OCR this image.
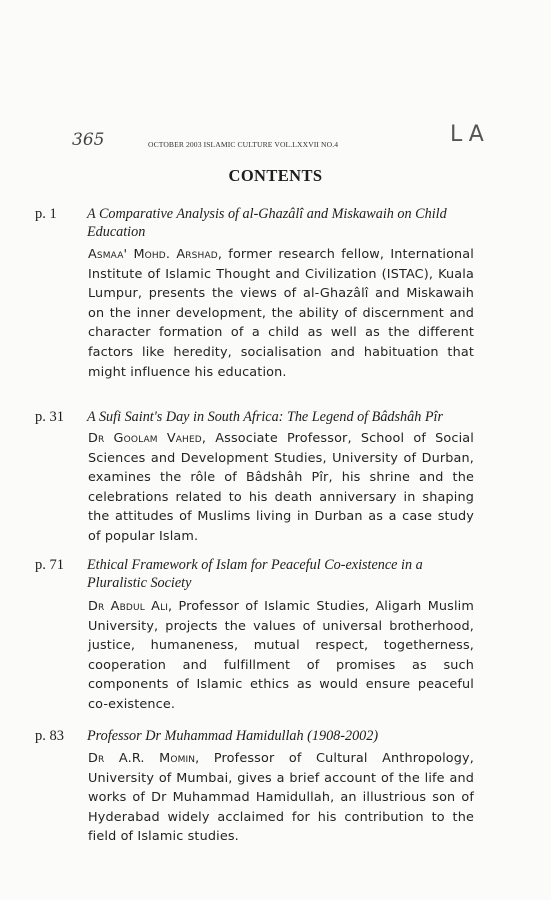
365	OCTOBER 2003 ISLAMIC CULTURE VOL.LXXVII NO.4	LA
CONTENTS
p. 1 A Comparative Analysis of al-Ghazâlî and Miskawaih on Child Education
Asmaa' Mohd. Arshad, former research fellow, International Institute of Islamic Thought and Civilization (ISTAC), Kuala Lumpur, presents the views of al-Ghazâlî and Miskawaih on the inner development, the ability of discernment and character formation of a child as well as the different factors like heredity, socialisation and habituation that might influence his education.
p. 31 A Sufi Saint's Day in South Africa: The Legend of Bâdshâh Pîr
Dr Goolam Vahed, Associate Professor, School of Social Sciences and Development Studies, University of Durban, examines the rôle of Bâdshâh Pîr, his shrine and the celebrations related to his death anniversary in shaping the attitudes of Muslims living in Durban as a case study of popular Islam.
p. 71 Ethical Framework of Islam for Peaceful Co-existence in a Pluralistic Society
Dr Abdul Ali, Professor of Islamic Studies, Aligarh Muslim University, projects the values of universal brotherhood, justice, humaneness, mutual respect, togetherness, cooperation and fulfillment of promises as such components of Islamic ethics as would ensure peaceful co-existence.
p. 83 Professor Dr Muhammad Hamidullah (1908-2002)
Dr A.R. Momin, Professor of Cultural Anthropology, University of Mumbai, gives a brief account of the life and works of Dr Muhammad Hamidullah, an illustrious son of Hyderabad widely acclaimed for his contribution to the field of Islamic studies.
